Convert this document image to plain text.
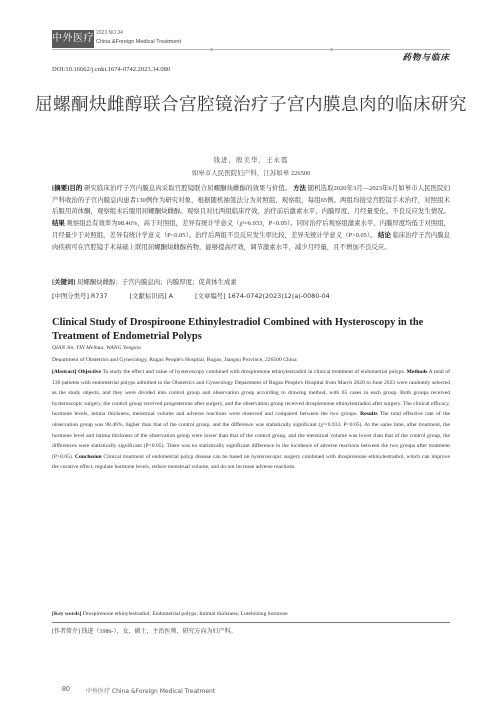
中外医疗 2023 NO.34
China &Foreign Medical Treatment
药物与临床
DOI:10.16662/j.cnki.1674-0742.2023.34.080
屈螺酮炔雌醇联合宫腔镜治疗子宫内膜息肉的临床研究
钱进，殷美华，王永霞
如皋市人民医院妇产科，江苏如皋 226500
[摘要]目的 研究临床治疗子宫内膜息肉采取宫腔镜联合屈螺酮炔雌醇的效果与价值。 方法 随机选取2020年3月—2023年6月如皋市人民医院妇产科收治的子宫内膜息肉患者130例作为研究对象，根据随机抽签法分为对照组、观察组，每组65例。两组均接受宫腔镜手术治疗，对照组术后服用黄体酮，观察组术后服用屈螺酮炔雌醇。观察且对比两组临床疗效、治疗前后激素水平、内膜厚度、月经量变化、不良反应发生情况。 结果 观察组总有效率为98.46%，高于对照组，差异有统计学意义（χ²=6.933，P<0.05）。同时治疗后观察组激素水平、内膜厚度均低于对照组，月经量少于对照组，差异有统计学意义（P<0.05）。治疗后两组不良反应发生率比较，差异无统计学意义（P>0.05）。 结论 临床治疗子宫内膜息肉疾病可在宫腔镜手术基础上联用屈螺酮炔雌醇药物，能够提高疗效，调节激素水平，减少月经量，且不增加不良反应。
[关键词] 屈螺酮炔雌醇；子宫内膜息肉；内膜厚度；促黄体生成素
[中图分类号] R737	[文献标识码] A	[文章编号] 1674-0742(2023)12(a)-0080-04
Clinical Study of Drospiroone Ethinylestradiol Combined with Hysteroscopy in the Treatment of Endometrial Polyps
QIAN Jin, YIN Meihua, WANG Yongxia
Department of Obstetrics and Gynecology, Rugao People's Hospital, Rugao, Jiangsu Province, 226500 China
[Abstract] Objective To study the effect and value of hysteroscopy combined with drospirenone ethinylestradiol in clinical treatment of endometrial polyps. Methods A total of 130 patients with endometrial polyps admitted to the Obstetrics and Gynecology Department of Rugao People's Hospital from March 2020 to June 2023 were randomly selected as the study objects, and they were divided into control group and observation group according to drawing method, with 65 cases in each group. Both groups received hysteroscopic surgery, the control group received progesterone after surgery, and the observation group received drospirenone ethinylestradiol after surgery. The clinical efficacy, hormone levels, intima thickness, menstrual volume and adverse reactions were observed and compared between the two groups. Results The total effective rate of the observation group was 98.46%, higher than that of the control group, and the difference was statistically significant (χ²=6.933, P<0.05). At the same time, after treatment, the hormone level and intima thickness of the observation group were lower than that of the control group, and the menstrual volume was lower than that of the control group, the differences were statistically significant (P<0.05). There was no statistically significant difference in the incidence of adverse reactions between the two groups after treatment (P>0.05). Conclusion Clinical treatment of endometrial polyp disease can be based on hysteroscopic surgery combined with drospirenone ethinylestradiol, which can improve the curative effect, regulate hormone levels, reduce menstrual volume, and do not increase adverse reactions.
[Key words] Drospirenone ethinylestradiol; Endometrial polyps; Intimal thickness; Luteinizing hormone
[作者简介] 钱进（1986-），女，硕士，主治医师，研究方向为妇产科。
80	中外医疗 China &Foreign Medical Treatment
